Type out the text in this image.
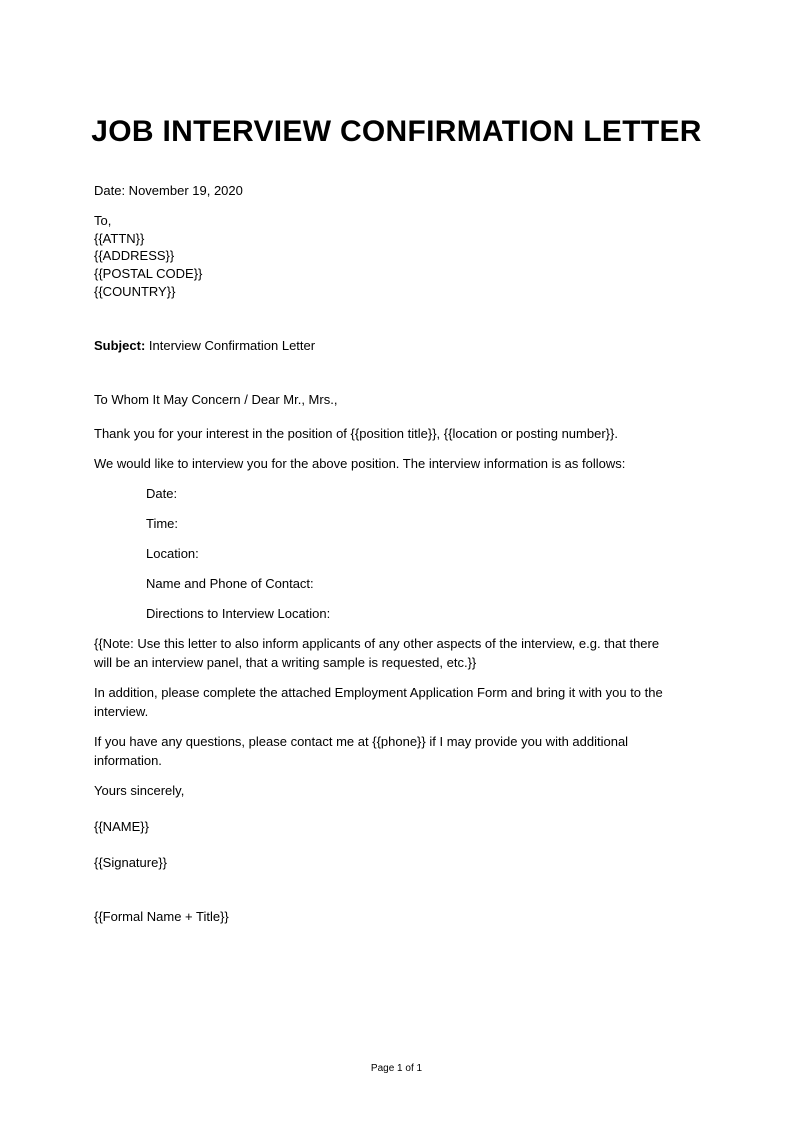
JOB INTERVIEW CONFIRMATION LETTER
Date: November 19, 2020
To,
{{ATTN}}
{{ADDRESS}}
{{POSTAL CODE}}
{{COUNTRY}}
Subject: Interview Confirmation Letter
To Whom It May Concern / Dear Mr., Mrs.,
Thank you for your interest in the position of {{position title}}, {{location or posting number}}.
We would like to interview you for the above position. The interview information is as follows:
Date:
Time:
Location:
Name and Phone of Contact:
Directions to Interview Location:
{{Note: Use this letter to also inform applicants of any other aspects of the interview, e.g. that there
will be an interview panel, that a writing sample is requested, etc.}}
In addition, please complete the attached Employment Application Form and bring it with you to the
interview.
If you have any questions, please contact me at {{phone}} if I may provide you with additional
information.
Yours sincerely,
{{NAME}}
{{Signature}}
{{Formal Name + Title}}
Page 1 of 1
